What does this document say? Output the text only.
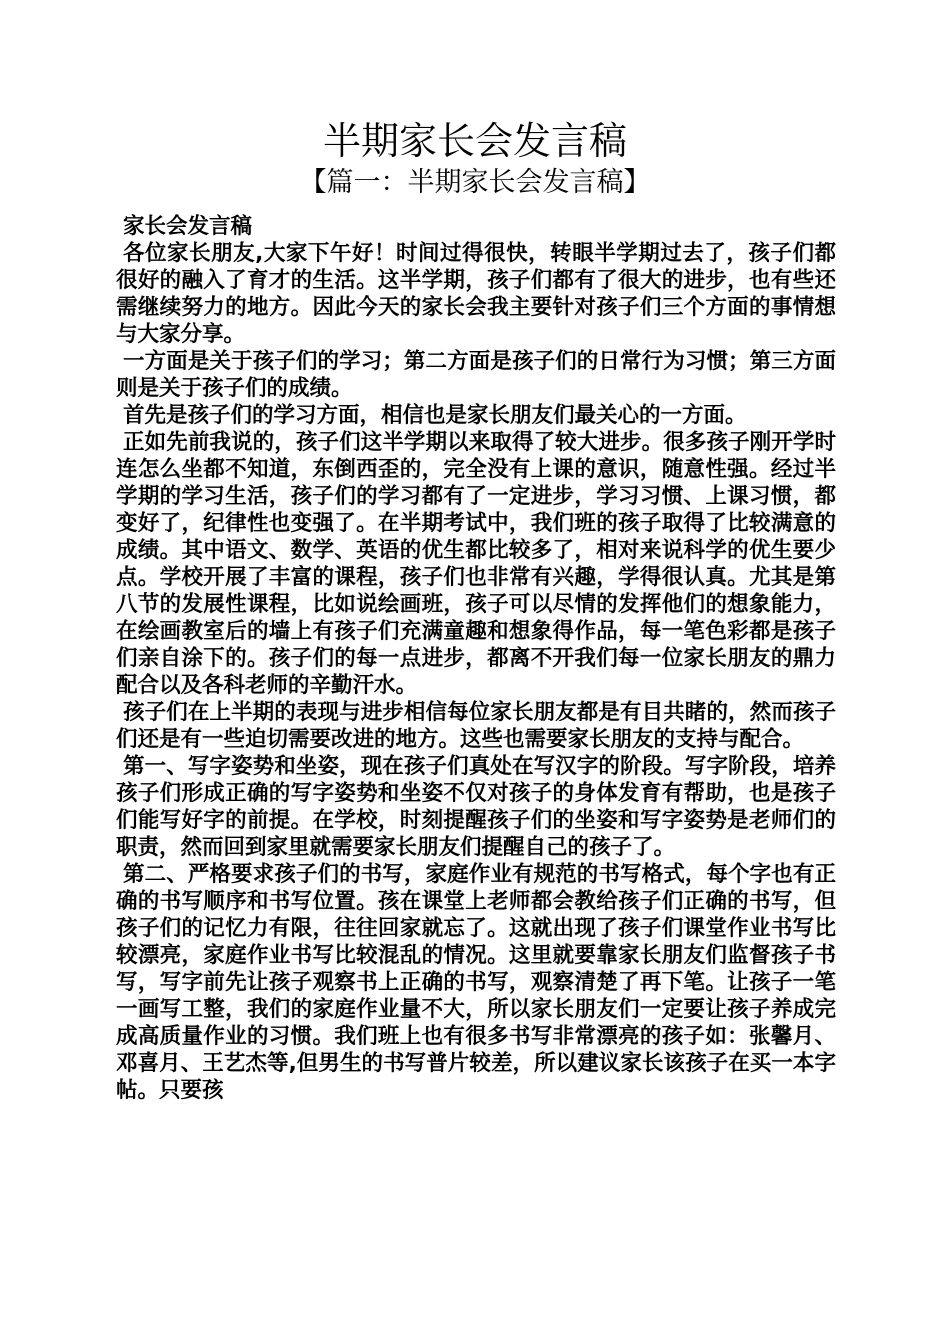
半期家长会发言稿
【篇一：半期家长会发言稿】

家长会发言稿

各位家长朋友,大家下午好！时间过得很快，转眼半学期过去了，孩子们都很好的融入了育才的生活。这半学期，孩子们都有了很大的进步，也有些还需继续努力的地方。因此今天的家长会我主要针对孩子们三个方面的事情想与大家分享。

一方面是关于孩子们的学习；第二方面是孩子们的日常行为习惯；第三方面则是关于孩子们的成绩。

首先是孩子们的学习方面，相信也是家长朋友们最关心的一方面。

正如先前我说的，孩子们这半学期以来取得了较大进步。很多孩子刚开学时连怎么坐都不知道，东倒西歪的，完全没有上课的意识，随意性强。经过半学期的学习生活，孩子们的学习都有了一定进步，学习习惯、上课习惯，都变好了，纪律性也变强了。在半期考试中，我们班的孩子取得了比较满意的成绩。其中语文、数学、英语的优生都比较多了，相对来说科学的优生要少点。学校开展了丰富的课程，孩子们也非常有兴趣，学得很认真。尤其是第八节的发展性课程，比如说绘画班，孩子可以尽情的发挥他们的想象能力，在绘画教室后的墙上有孩子们充满童趣和想象得作品，每一笔色彩都是孩子们亲自涂下的。孩子们的每一点进步，都离不开我们每一位家长朋友的鼎力配合以及各科老师的辛勤汗水。

孩子们在上半期的表现与进步相信每位家长朋友都是有目共睹的，然而孩子们还是有一些迫切需要改进的地方。这些也需要家长朋友的支持与配合。

第一、写字姿势和坐姿，现在孩子们真处在写汉字的阶段。写字阶段，培养孩子们形成正确的写字姿势和坐姿不仅对孩子的身体发育有帮助，也是孩子们能写好字的前提。在学校，时刻提醒孩子们的坐姿和写字姿势是老师们的职责，然而回到家里就需要家长朋友们提醒自己的孩子了。

第二、严格要求孩子们的书写，家庭作业有规范的书写格式，每个字也有正确的书写顺序和书写位置。孩在课堂上老师都会教给孩子们正确的书写，但孩子们的记忆力有限，往往回家就忘了。这就出现了孩子们课堂作业书写比较漂亮，家庭作业书写比较混乱的情况。这里就要靠家长朋友们监督孩子书写，写字前先让孩子观察书上正确的书写，观察清楚了再下笔。让孩子一笔一画写工整，我们的家庭作业量不大，所以家长朋友们一定要让孩子养成完成高质量作业的习惯。我们班上也有很多书写非常漂亮的孩子如：张馨月、邓喜月、王艺杰等,但男生的书写普片较差，所以建议家长该孩子在买一本字帖。只要孩
